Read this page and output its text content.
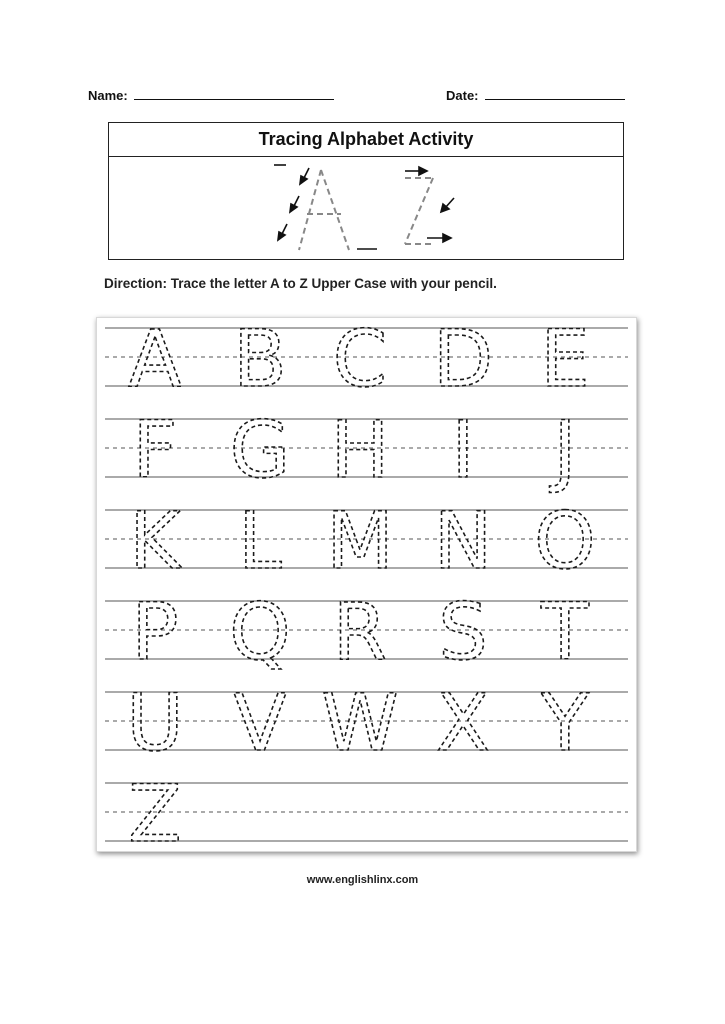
Name:	Date:
Tracing Alphabet Activity
Direction: Trace the letter A to Z Upper Case with your pencil.
A B C D E
F G H I J
K L M N O
P Q R S T
U V W X Y
Z
www.englishlinx.com
